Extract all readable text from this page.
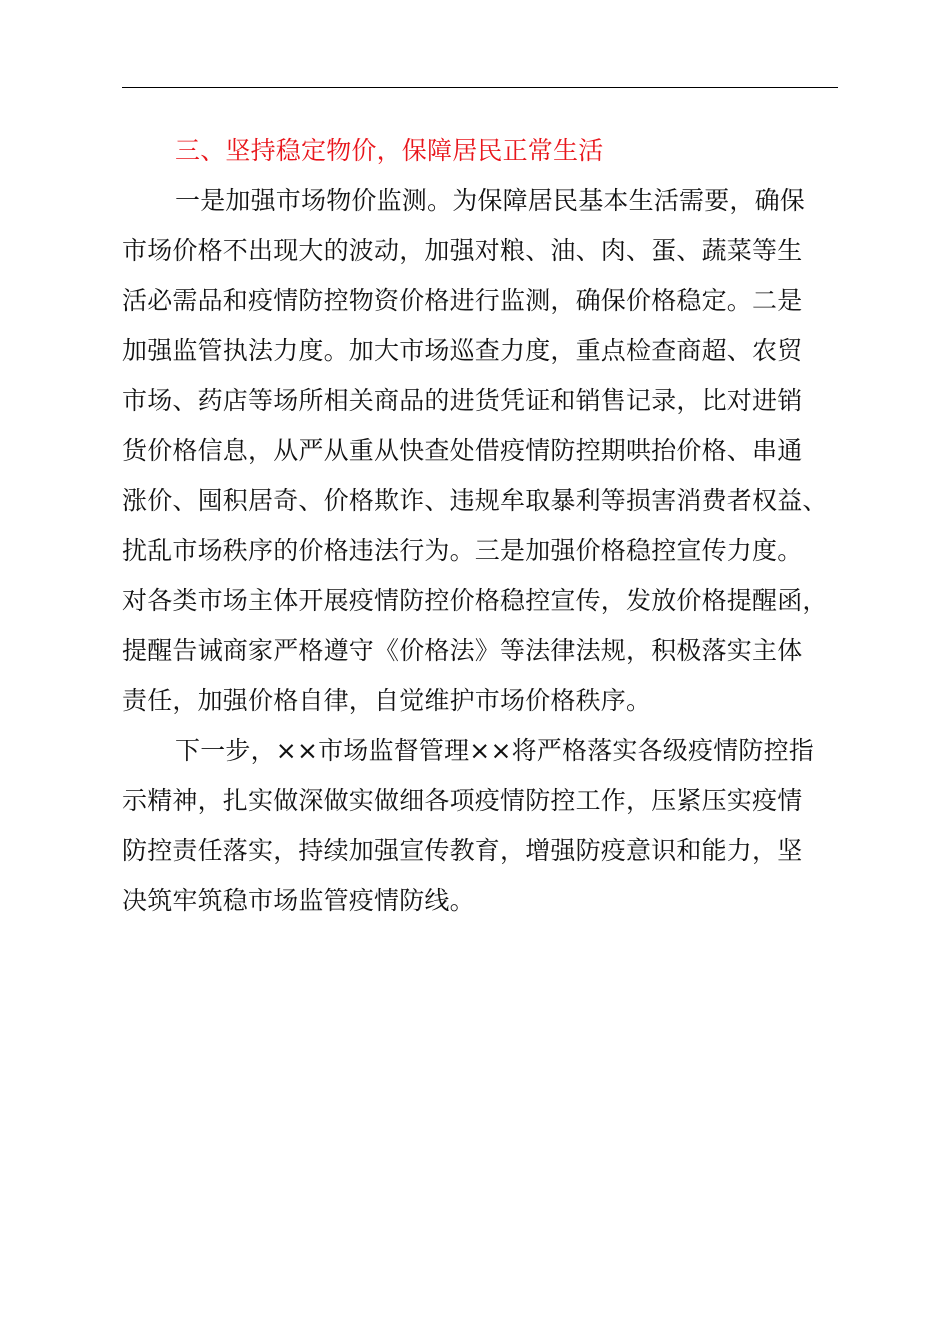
三、坚持稳定物价，保障居民正常生活
一是加强市场物价监测。为保障居民基本生活需要，确保
市场价格不出现大的波动，加强对粮、油、肉、蛋、蔬菜等生
活必需品和疫情防控物资价格进行监测，确保价格稳定。二是
加强监管执法力度。加大市场巡查力度，重点检查商超、农贸
市场、药店等场所相关商品的进货凭证和销售记录，比对进销
货价格信息，从严从重从快查处借疫情防控期哄抬价格、串通
涨价、囤积居奇、价格欺诈、违规牟取暴利等损害消费者权益、
扰乱市场秩序的价格违法行为。三是加强价格稳控宣传力度。
对各类市场主体开展疫情防控价格稳控宣传，发放价格提醒函，
提醒告诫商家严格遵守《价格法》等法律法规，积极落实主体
责任，加强价格自律，自觉维护市场价格秩序。
下一步，××市场监督管理××将严格落实各级疫情防控指
示精神，扎实做深做实做细各项疫情防控工作，压紧压实疫情
防控责任落实，持续加强宣传教育，增强防疫意识和能力，坚
决筑牢筑稳市场监管疫情防线。
